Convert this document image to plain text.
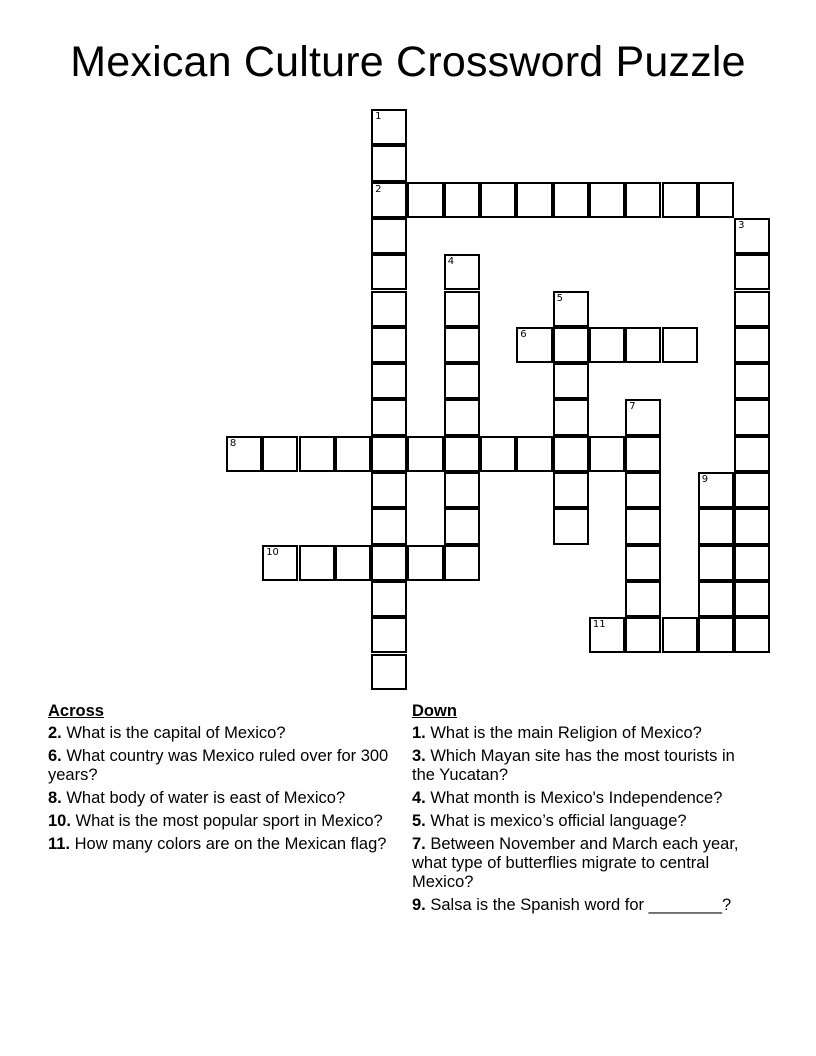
Mexican Culture Crossword Puzzle
1
2
3
4
5
6
7
8
9
10
11
Across
2. What is the capital of Mexico?
6. What country was Mexico ruled over for 300 years?
8. What body of water is east of Mexico?
10. What is the most popular sport in Mexico?
11. How many colors are on the Mexican flag?
Down
1. What is the main Religion of Mexico?
3. Which Mayan site has the most tourists in the Yucatan?
4. What month is Mexico's Independence?
5. What is mexico’s official language?
7. Between November and March each year, what type of butterflies migrate to central Mexico?
9. Salsa is the Spanish word for ________?
